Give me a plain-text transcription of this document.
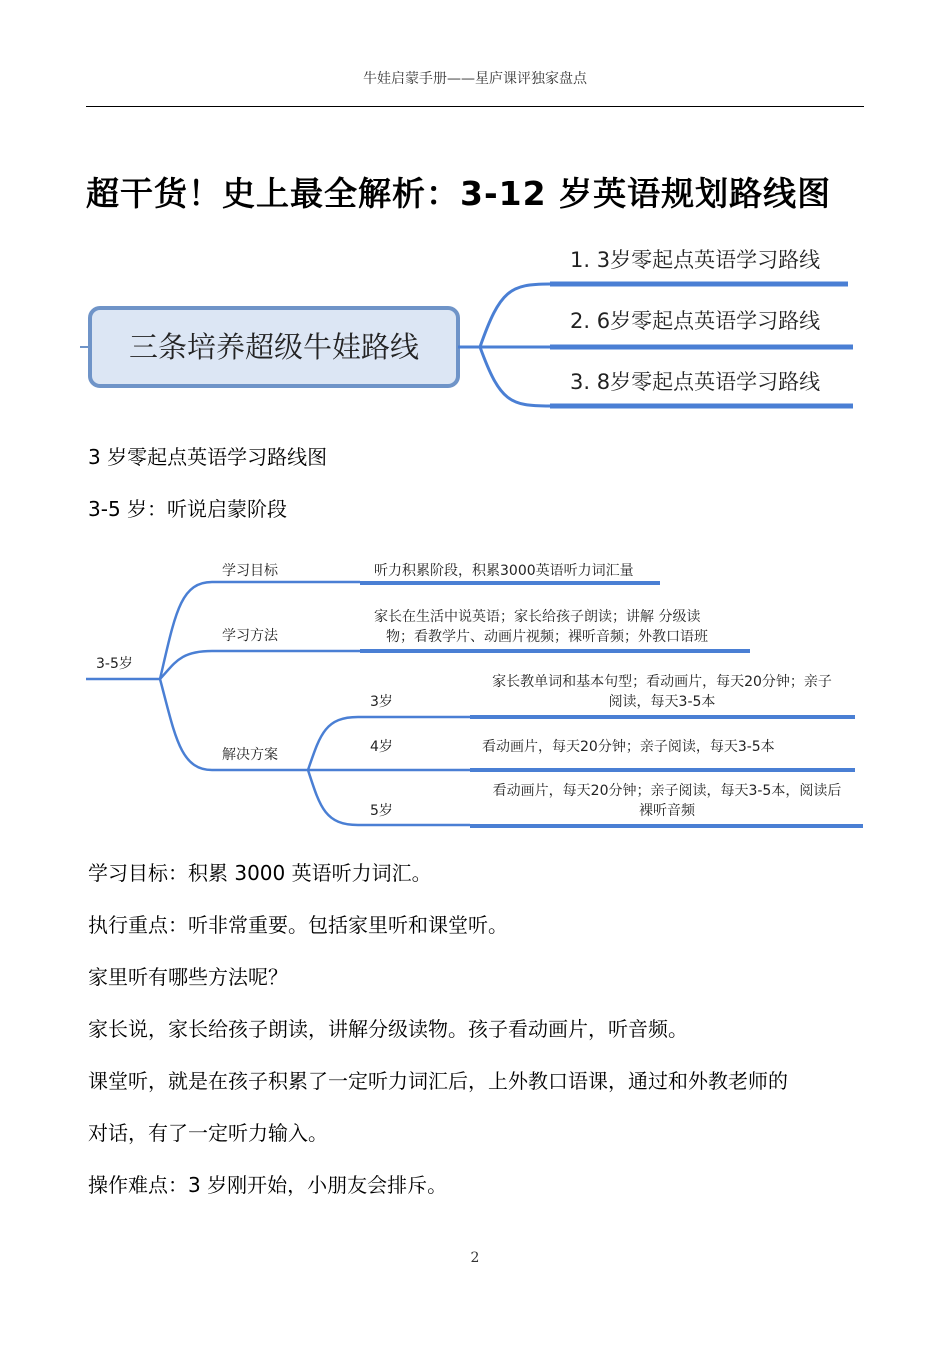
牛娃启蒙手册——星庐课评独家盘点
超干货！史上最全解析：3-12 岁英语规划路线图
三条培养超级牛娃路线
1. 3岁零起点英语学习路线
2. 6岁零起点英语学习路线
3. 8岁零起点英语学习路线
3 岁零起点英语学习路线图
3-5 岁：听说启蒙阶段
3-5岁
学习目标	听力积累阶段，积累3000英语听力词汇量
学习方法
家长在生活中说英语；家长给孩子朗读；讲解 分级读
物；看教学片、动画片视频；裸听音频；外教口语班
解决方案
3岁
家长教单词和基本句型；看动画片，每天20分钟；亲子
阅读，每天3-5本
4岁	看动画片，每天20分钟；亲子阅读，每天3-5本
5岁
看动画片，每天20分钟；亲子阅读，每天3-5本，阅读后
裸听音频
学习目标：积累 3000 英语听力词汇。
执行重点：听非常重要。包括家里听和课堂听。
家里听有哪些方法呢？
家长说，家长给孩子朗读，讲解分级读物。孩子看动画片，听音频。
课堂听，就是在孩子积累了一定听力词汇后，上外教口语课，通过和外教老师的
对话，有了一定听力输入。
操作难点：3 岁刚开始，小朋友会排斥。
2
